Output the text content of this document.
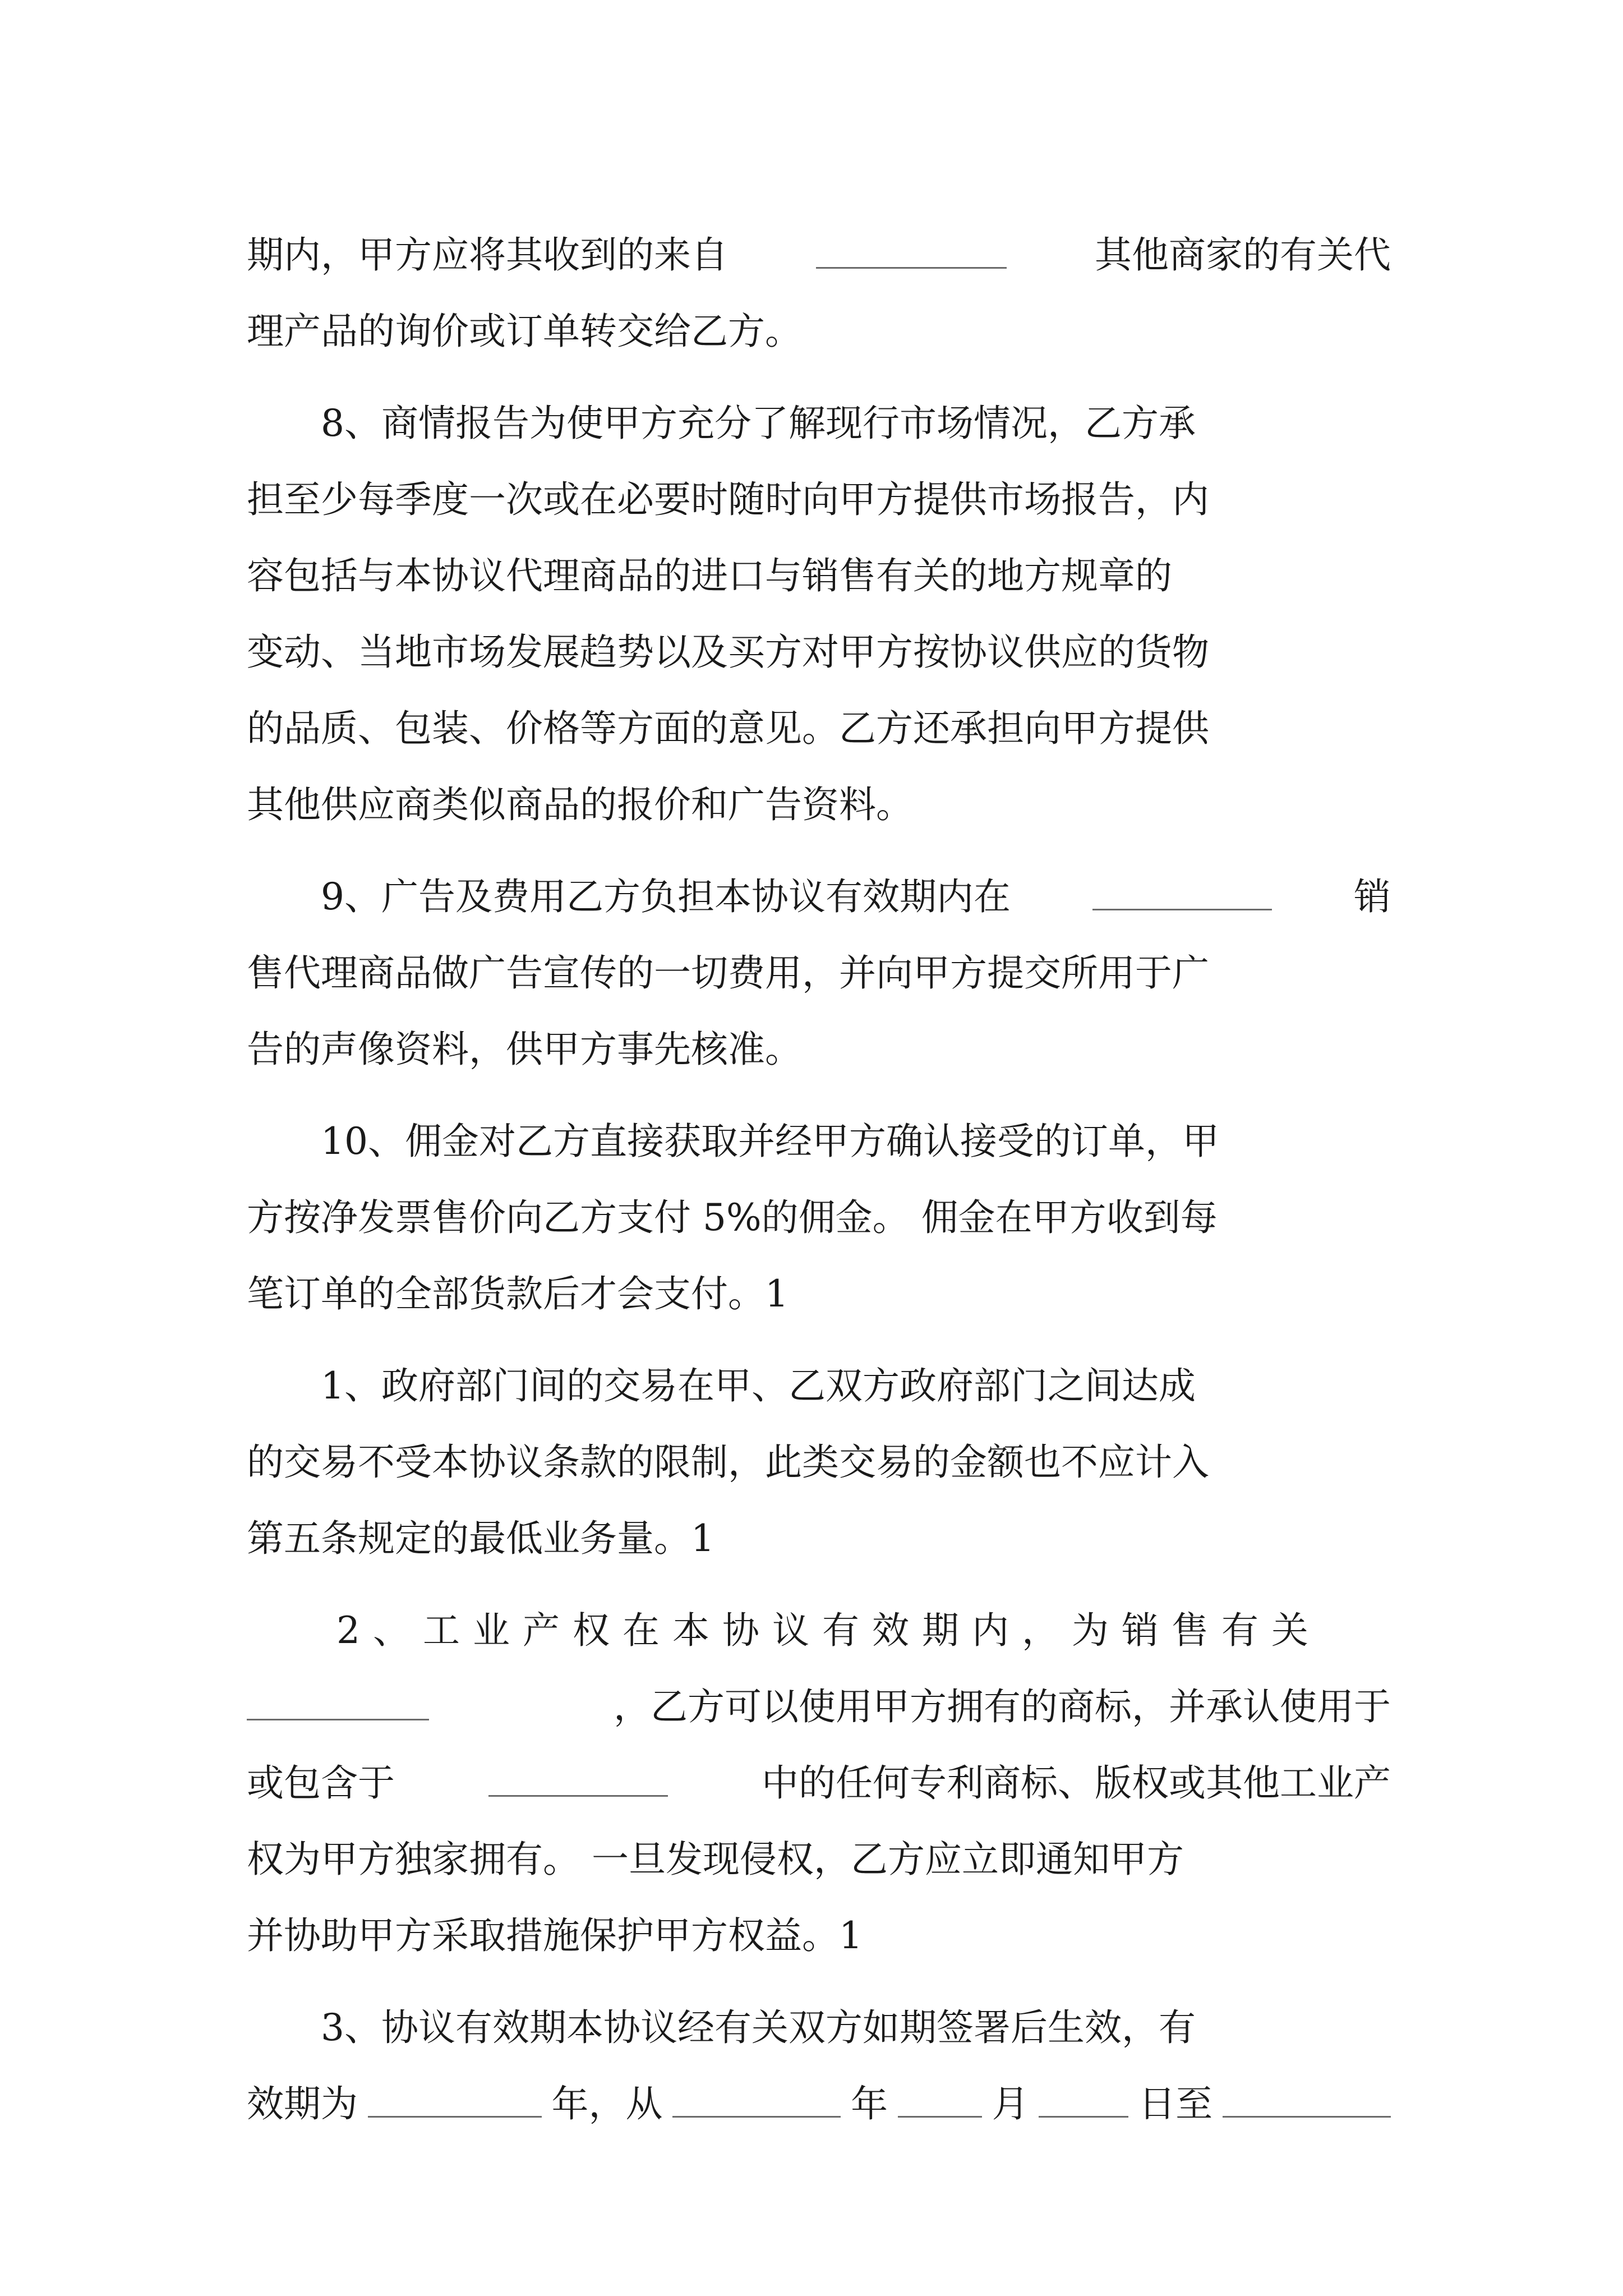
期内，甲方应将其收到的来自	其他商家的有关代
理产品的询价或订单转交给乙方。
8、商情报告为使甲方充分了解现行市场情况，乙方承
担至少每季度一次或在必要时随时向甲方提供市场报告，内
容包括与本协议代理商品的进口与销售有关的地方规章的
变动、当地市场发展趋势以及买方对甲方按协议供应的货物
的品质、包装、价格等方面的意见。乙方还承担向甲方提供
其他供应商类似商品的报价和广告资料。
9、广告及费用乙方负担本协议有效期内在	销
售代理商品做广告宣传的一切费用，并向甲方提交所用于广
告的声像资料，供甲方事先核准。
10、佣金对乙方直接获取并经甲方确认接受的订单，甲
方按净发票售价向乙方支付 5%的佣金。 佣金在甲方收到每
笔订单的全部货款后才会支付。1
1、政府部门间的交易在甲、乙双方政府部门之间达成
的交易不受本协议条款的限制，此类交易的金额也不应计入
第五条规定的最低业务量。1
2、工业产权在本协议有效期内，为销售有关
，乙方可以使用甲方拥有的商标，并承认使用于
或包含于	中的任何专利商标、版权或其他工业产
权为甲方独家拥有。 一旦发现侵权，乙方应立即通知甲方
并协助甲方采取措施保护甲方权益。1
3、协议有效期本协议经有关双方如期签署后生效，有
效期为	年，从	年	月	日至
